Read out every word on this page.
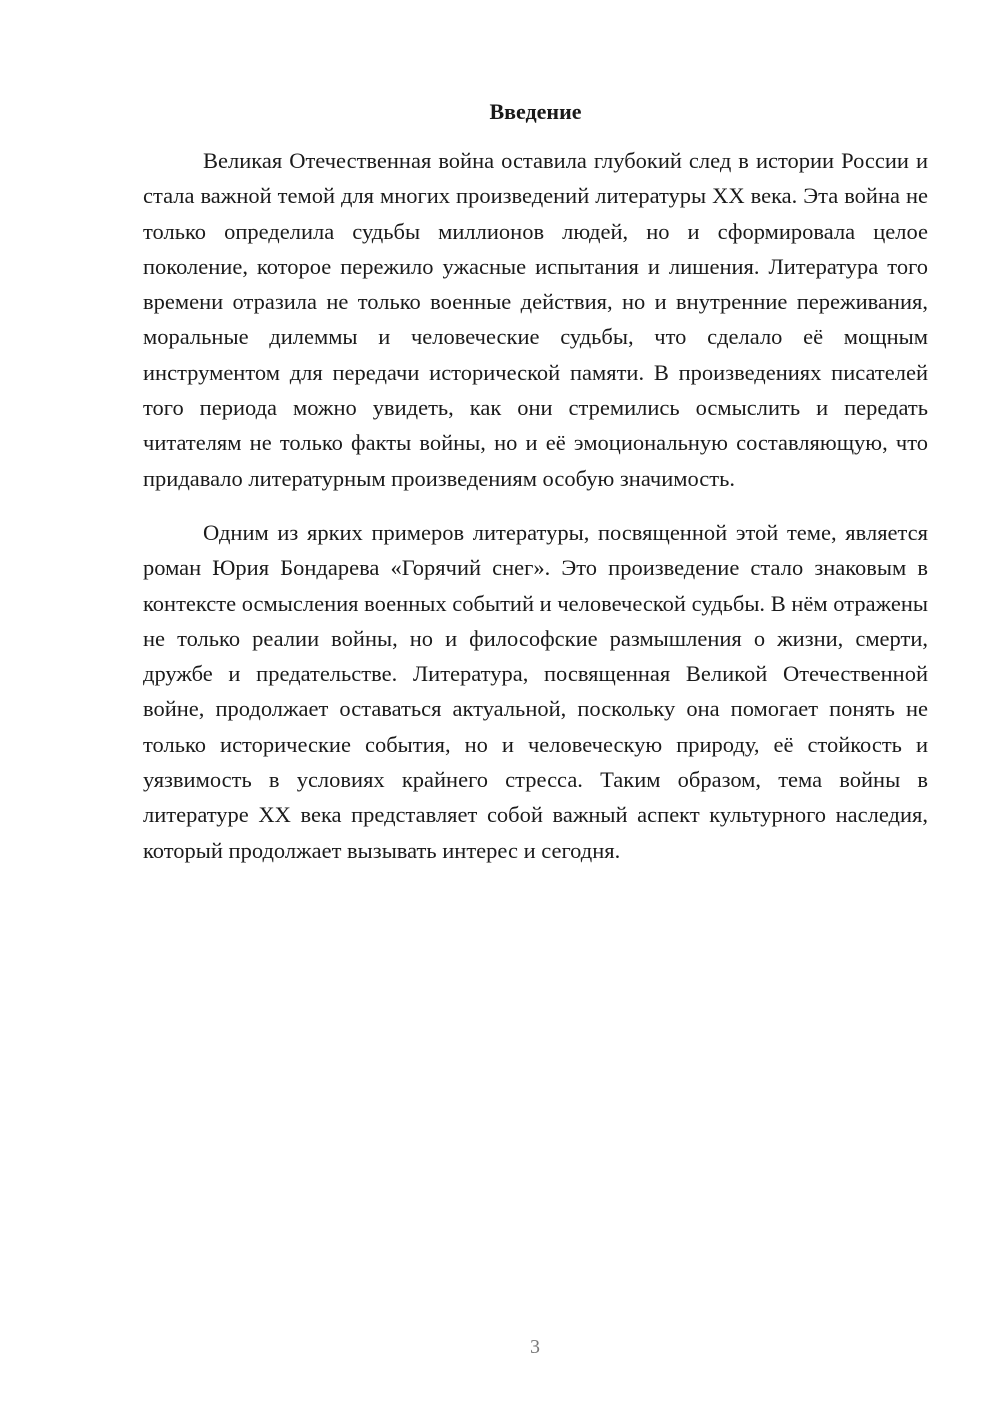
Введение

Великая Отечественная война оставила глубокий след в истории России и стала важной темой для многих произведений литературы XX века. Эта война не только определила судьбы миллионов людей, но и сформировала целое поколение, которое пережило ужасные испытания и лишения. Литература того времени отразила не только военные действия, но и внутренние переживания, моральные дилеммы и человеческие судьбы, что сделало её мощным инструментом для передачи исторической памяти. В произведениях писателей того периода можно увидеть, как они стремились осмыслить и передать читателям не только факты войны, но и её эмоциональную составляющую, что придавало литературным произведениям особую значимость.

Одним из ярких примеров литературы, посвященной этой теме, является роман Юрия Бондарева «Горячий снег». Это произведение стало знаковым в контексте осмысления военных событий и человеческой судьбы. В нём отражены не только реалии войны, но и философские размышления о жизни, смерти, дружбе и предательстве. Литература, посвященная Великой Отечественной войне, продолжает оставаться актуальной, поскольку она помогает понять не только исторические события, но и человеческую природу, её стойкость и уязвимость в условиях крайнего стресса. Таким образом, тема войны в литературе XX века представляет собой важный аспект культурного наследия, который продолжает вызывать интерес и сегодня.

3
